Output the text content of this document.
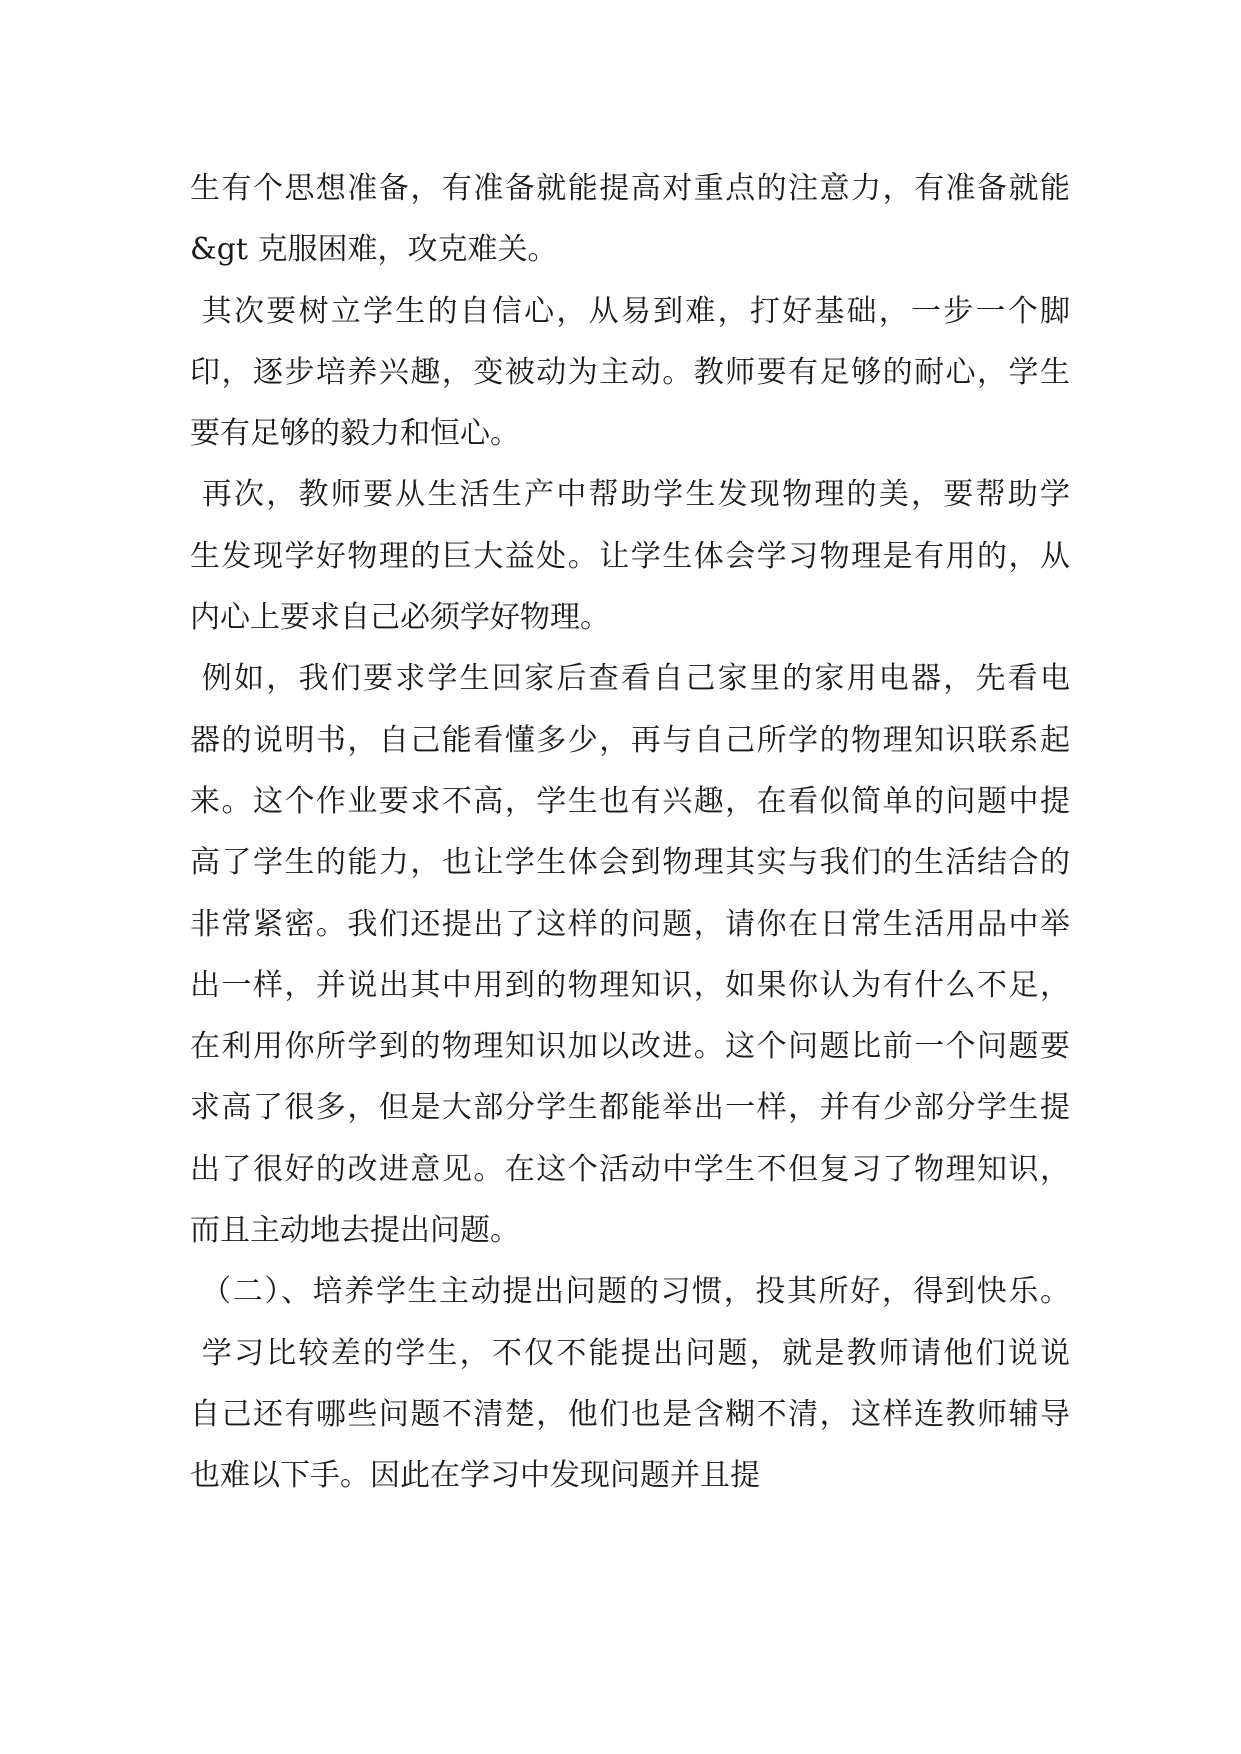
生有个思想准备，有准备就能提高对重点的注意力，有准备就能
&gt 克服困难，攻克难关。
其次要树立学生的自信心，从易到难，打好基础，一步一个脚
印，逐步培养兴趣，变被动为主动。教师要有足够的耐心，学生
要有足够的毅力和恒心。
再次，教师要从生活生产中帮助学生发现物理的美，要帮助学
生发现学好物理的巨大益处。让学生体会学习物理是有用的，从
内心上要求自己必须学好物理。
例如，我们要求学生回家后查看自己家里的家用电器，先看电
器的说明书，自己能看懂多少，再与自己所学的物理知识联系起
来。这个作业要求不高，学生也有兴趣，在看似简单的问题中提
高了学生的能力，也让学生体会到物理其实与我们的生活结合的
非常紧密。我们还提出了这样的问题，请你在日常生活用品中举
出一样，并说出其中用到的物理知识，如果你认为有什么不足，
在利用你所学到的物理知识加以改进。这个问题比前一个问题要
求高了很多，但是大部分学生都能举出一样，并有少部分学生提
出了很好的改进意见。在这个活动中学生不但复习了物理知识，
而且主动地去提出问题。
（二）、培养学生主动提出问题的习惯，投其所好，得到快乐。
学习比较差的学生，不仅不能提出问题，就是教师请他们说说
自己还有哪些问题不清楚，他们也是含糊不清，这样连教师辅导
也难以下手。因此在学习中发现问题并且提
